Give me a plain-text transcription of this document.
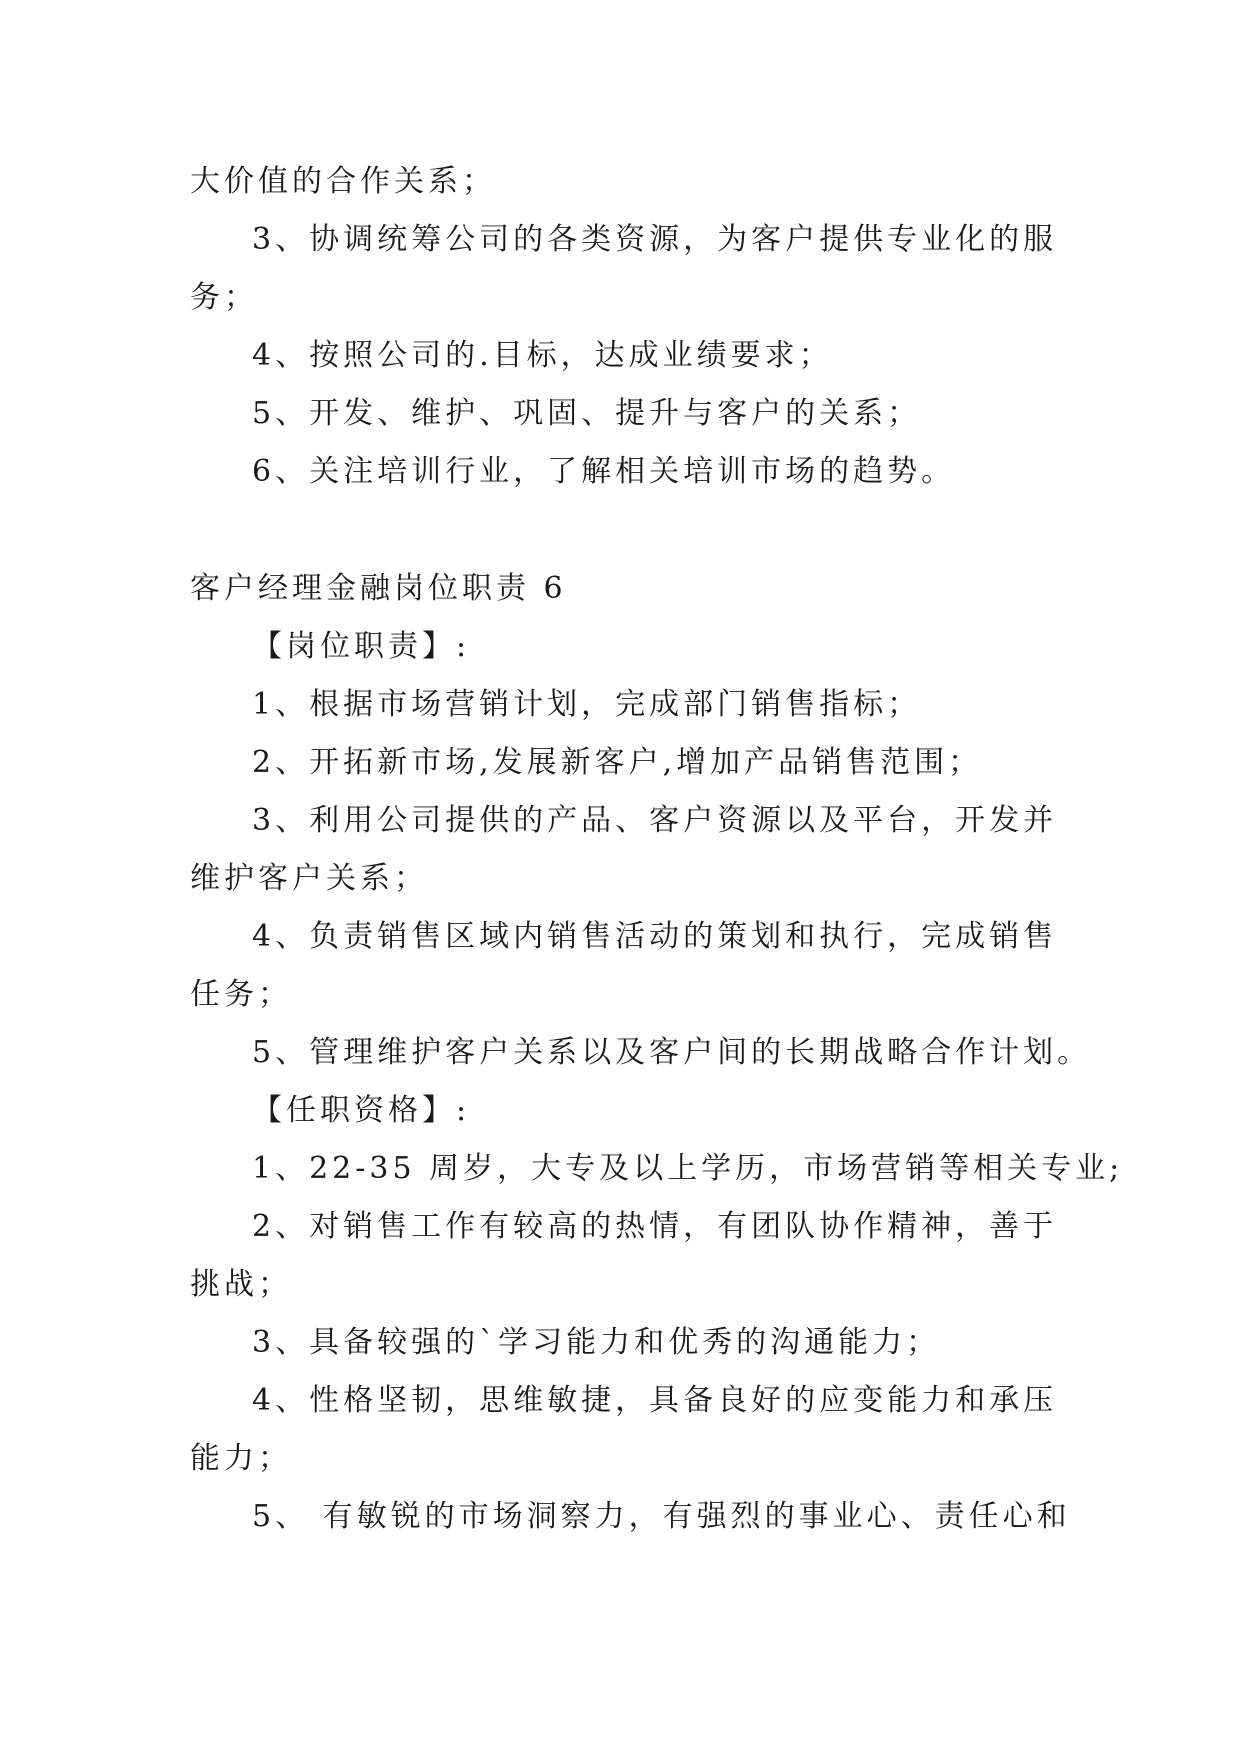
大价值的合作关系；
3、协调统筹公司的各类资源，为客户提供专业化的服
务；
4、按照公司的.目标，达成业绩要求；
5、开发、维护、巩固、提升与客户的关系；
6、关注培训行业，了解相关培训市场的趋势。
客户经理金融岗位职责 6
【岗位职责】:
1、根据市场营销计划，完成部门销售指标；
2、开拓新市场,发展新客户,增加产品销售范围；
3、利用公司提供的产品、客户资源以及平台，开发并
维护客户关系；
4、负责销售区域内销售活动的策划和执行，完成销售
任务；
5、管理维护客户关系以及客户间的长期战略合作计划。
【任职资格】:
1、22-35 周岁，大专及以上学历，市场营销等相关专业;
2、对销售工作有较高的热情，有团队协作精神，善于
挑战；
3、具备较强的`学习能力和优秀的沟通能力；
4、性格坚韧，思维敏捷，具备良好的应变能力和承压
能力；
5、 有敏锐的市场洞察力，有强烈的事业心、责任心和
